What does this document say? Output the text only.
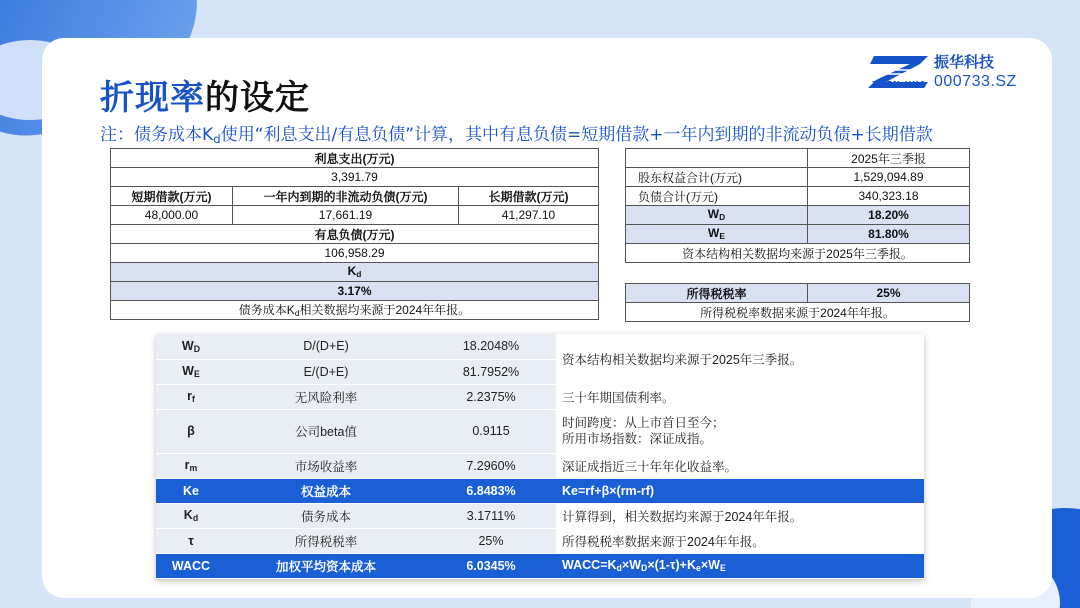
折现率的设定	ZHEN HUA
振华科技
000733.SZ
注：债务成本$K_d$使用“利息支出/有息负债”计算，其中有息负债=短期借款+一年内到期的非流动负债+长期借款
利息支出(万元)		
3,391.79		
短期借款(万元)	一年内到期的非流动负债(万元)	长期借款(万元)
48,000.00	17,661.19	41,297.10
有息负债(万元)		
106,958.29		
$K_d$
3.17%		
债务成本$K_d$相关数据均来源于2024年年报。		
	2025年三季报
股东权益合计(万元)	1,529,094.89
负债合计(万元)	340,323.18
$W_D$	18.20%
$W_E$	81.80%
资本结构相关数据均来源于2025年三季报。	
所得税税率	25%
所得税税率数据来源于2024年年报。
$W_D$	D/(D+E)	18.2048%	资本结构相关数据均来源于2025年三季报。
$W_E$	E/(D+E)	81.7952%	
$r_f$	无风险利率	2.2375%	三十年期国债利率。
β	公司beta值	0.9115	时间跨度：从上市首日至今；
所用市场指数：深证成指。

$r_m$	市场收益率	7.2960%	深证成指近三十年年化收益率。
Ke	权益成本	6.8483%	Ke=rf+β×(rm-rf)
$K_d$	债务成本	3.1711%	计算得到，相关数据均来源于2024年年报。
τ	所得税税率	25%	所得税税率数据来源于2024年年报。
WACC	加权平均资本成本	6.0345%	$WACC=K_d\times W_D\times(1-\tau)+K_e\times W_E$
